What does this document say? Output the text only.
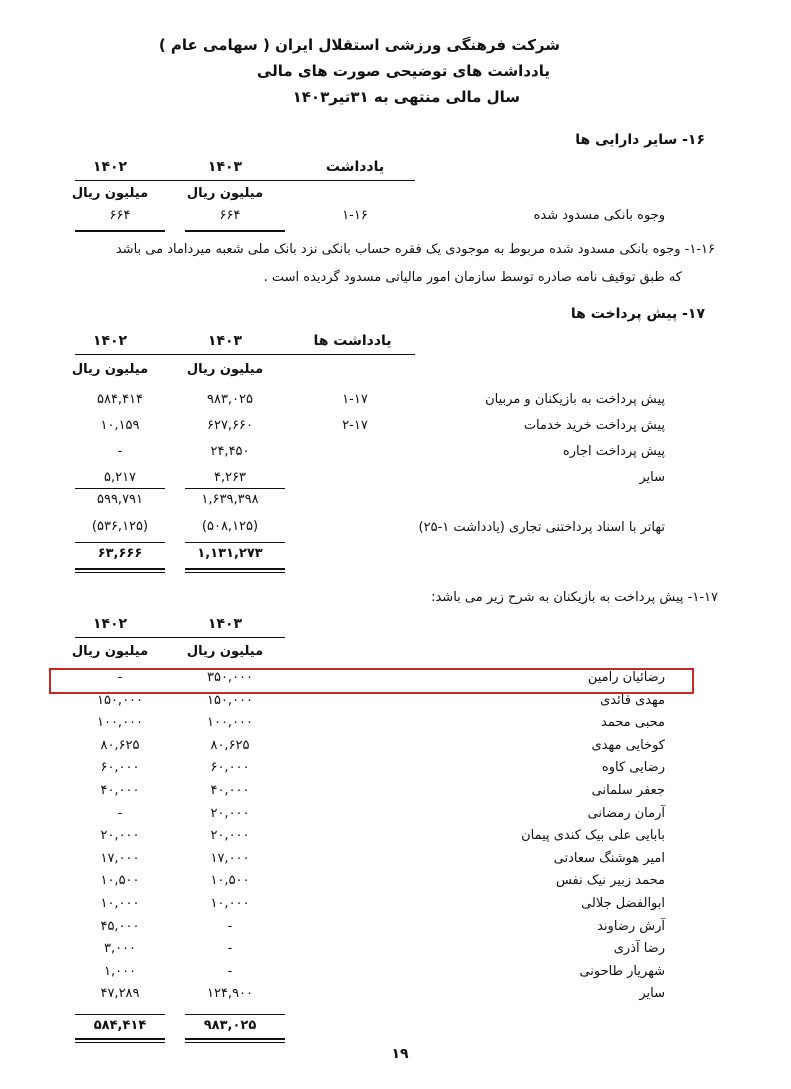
شرکت فرهنگی ورزشی استقلال ایران ( سهامی عام )
یادداشت های توضیحی صورت های مالی
سال مالی منتهی به ۳۱تیر۱۴۰۳
۱۶- سایر دارایی ها
یادداشت
۱۴۰۳
۱۴۰۲
میلیون ریال
میلیون ریال
وجوه بانکی مسدود شده
۱-۱۶
۶۶۴
۶۶۴
۱-۱۶- وجوه بانکی مسدود شده مربوط به موجودی یک فقره حساب بانکی نزد بانک ملی شعبه میرداماد می باشد
که طبق توقیف نامه صادره توسط سازمان امور مالیاتی مسدود گردیده است .
۱۷- پیش پرداخت ها
یادداشت ها
۱۴۰۳
۱۴۰۲
میلیون ریال
میلیون ریال
پیش پرداخت به بازیکنان و مربیان
۱-۱۷
۹۸۳,۰۲۵
۵۸۴,۴۱۴
پیش پرداخت خرید خدمات
۲-۱۷
۶۲۷,۶۶۰
۱۰,۱۵۹
پیش پرداخت اجاره
۲۴,۴۵۰
-
سایر
۴,۲۶۳
۵,۲۱۷
۱,۶۳۹,۳۹۸
۵۹۹,۷۹۱
تهاتر با اسناد پرداختنی تجاری (یادداشت ۱-۲۵)
(۵۰۸,۱۲۵)
(۵۳۶,۱۲۵)
۱,۱۳۱,۲۷۳
۶۳,۶۶۶
۱-۱۷- پیش پرداخت به بازیکنان به شرح زیر می باشد:
۱۴۰۳
۱۴۰۲
میلیون ریال
میلیون ریال
رضائیان رامین
۳۵۰,۰۰۰
-
مهدی قائدی
۱۵۰,۰۰۰
۱۵۰,۰۰۰
محبی محمد
۱۰۰,۰۰۰
۱۰۰,۰۰۰
کوخایی مهدی
۸۰,۶۲۵
۸۰,۶۲۵
رضایی کاوه
۶۰,۰۰۰
۶۰,۰۰۰
جعفر سلمانی
۴۰,۰۰۰
۴۰,۰۰۰
آرمان رمضانی
۲۰,۰۰۰
-
بابایی علی بیک کندی پیمان
۲۰,۰۰۰
۲۰,۰۰۰
امیر هوشنگ سعادتی
۱۷,۰۰۰
۱۷,۰۰۰
محمد زبیر نیک نفس
۱۰,۵۰۰
۱۰,۵۰۰
ابوالفضل جلالی
۱۰,۰۰۰
۱۰,۰۰۰
آرش رضاوند
-
۴۵,۰۰۰
رضا آذری
-
۳,۰۰۰
شهریار طاحونی
-
۱,۰۰۰
سایر
۱۲۴,۹۰۰
۴۷,۲۸۹
۹۸۳,۰۲۵
۵۸۴,۴۱۴
۱۹
